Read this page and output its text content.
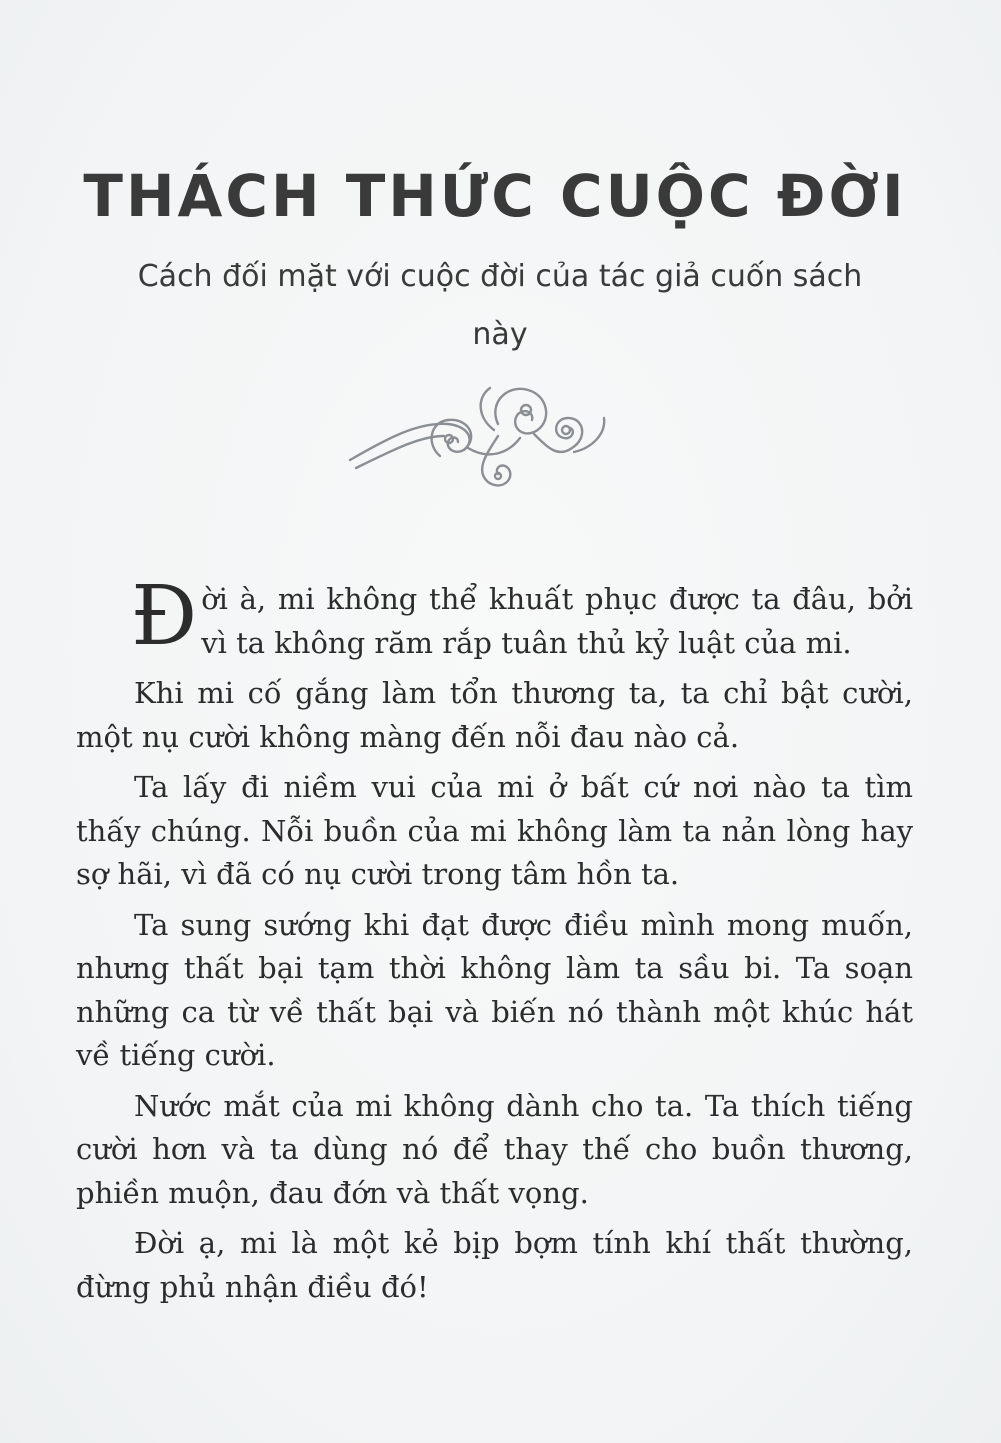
THÁCH THỨC CUỘC ĐỜI

Cách đối mặt với cuộc đời của tác giả cuốn sách này

Đời à, mi không thể khuất phục được ta đâu, bởi vì ta không răm rắp tuân thủ kỷ luật của mi.

Khi mi cố gắng làm tổn thương ta, ta chỉ bật cười, một nụ cười không màng đến nỗi đau nào cả.

Ta lấy đi niềm vui của mi ở bất cứ nơi nào ta tìm thấy chúng. Nỗi buồn của mi không làm ta nản lòng hay sợ hãi, vì đã có nụ cười trong tâm hồn ta.

Ta sung sướng khi đạt được điều mình mong muốn, nhưng thất bại tạm thời không làm ta sầu bi. Ta soạn những ca từ về thất bại và biến nó thành một khúc hát về tiếng cười.

Nước mắt của mi không dành cho ta. Ta thích tiếng cười hơn và ta dùng nó để thay thế cho buồn thương, phiền muộn, đau đớn và thất vọng.

Đời ạ, mi là một kẻ bịp bợm tính khí thất thường, đừng phủ nhận điều đó!
